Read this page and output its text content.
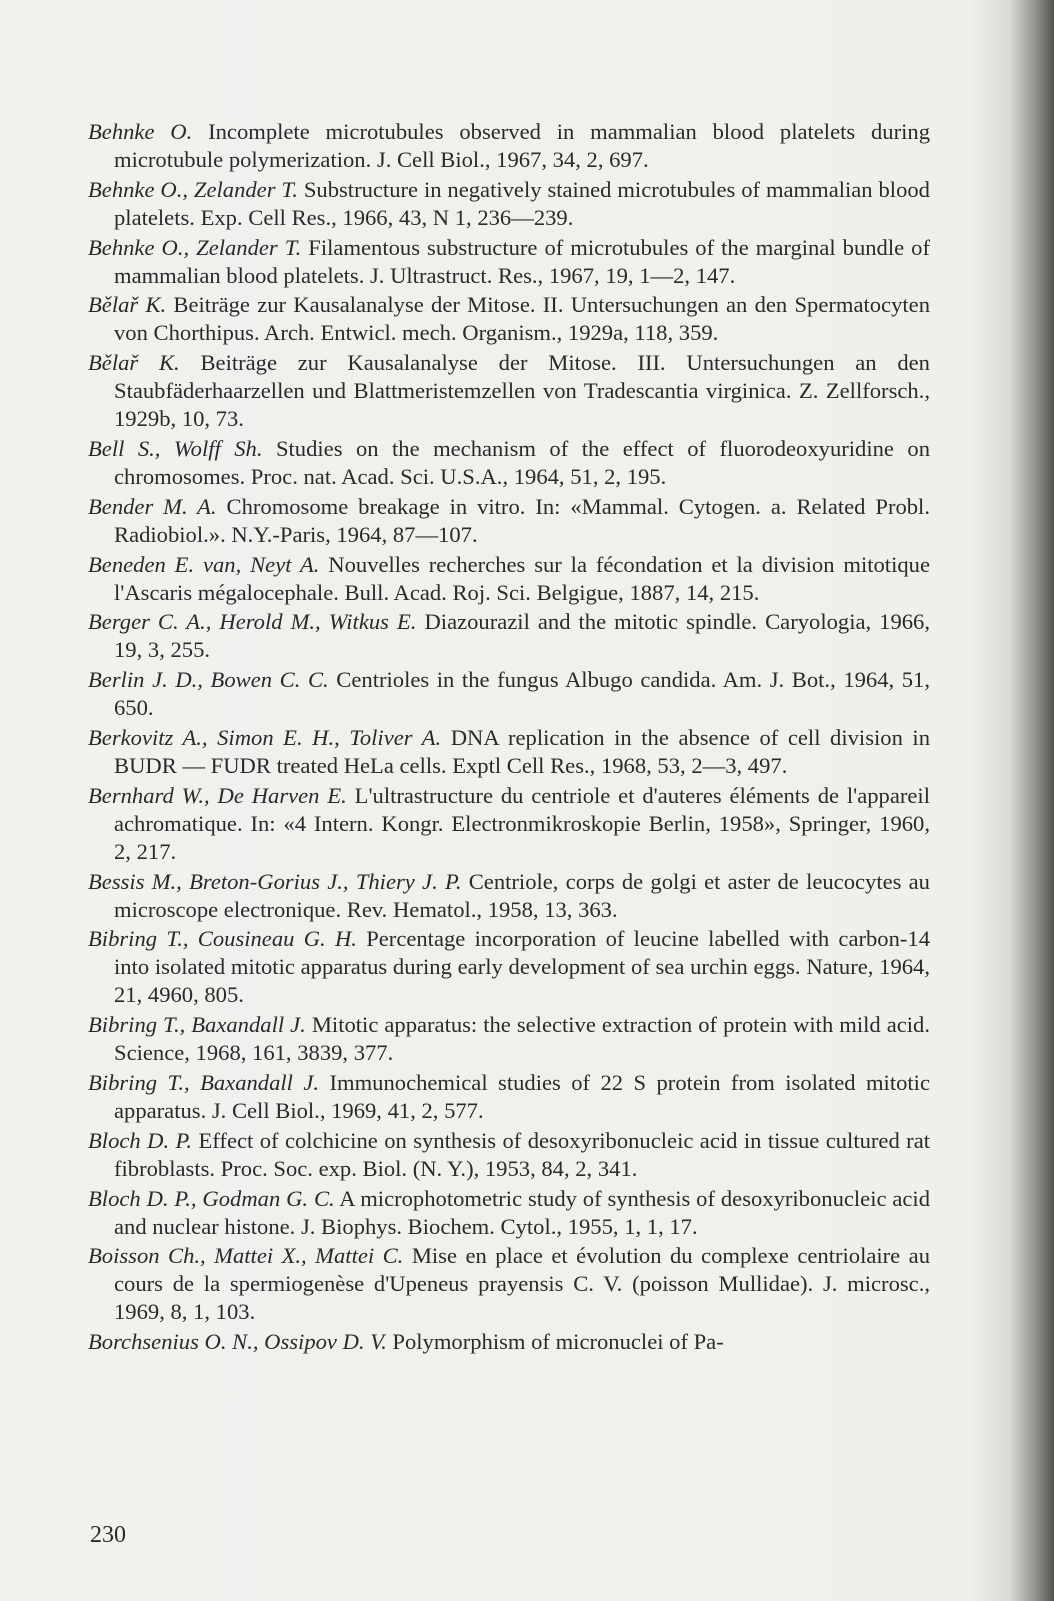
Behnke O. Incomplete microtubules observed in mammalian blood platelets during microtubule polymerization. J. Cell Biol., 1967, 34, 2, 697.
Behnke O., Zelander T. Substructure in negatively stained microtubules of mammalian blood platelets. Exp. Cell Res., 1966, 43, N 1, 236—239.
Behnke O., Zelander T. Filamentous substructure of microtubules of the marginal bundle of mammalian blood platelets. J. Ultrastruct. Res., 1967, 19, 1—2, 147.
Bělař K. Beiträge zur Kausalanalyse der Mitose. II. Untersuchungen an den Spermatocyten von Chorthipus. Arch. Entwicl. mech. Organism., 1929a, 118, 359.
Bělař K. Beiträge zur Kausalanalyse der Mitose. III. Untersuchungen an den Staubfäderhaarzellen und Blattmeristemzellen von Tradescantia virginica. Z. Zellforsch., 1929b, 10, 73.
Bell S., Wolff Sh. Studies on the mechanism of the effect of fluorodeoxyuridine on chromosomes. Proc. nat. Acad. Sci. U.S.A., 1964, 51, 2, 195.
Bender M. A. Chromosome breakage in vitro. In: «Mammal. Cytogen. a. Related Probl. Radiobiol.». N.Y.-Paris, 1964, 87—107.
Beneden E. van, Neyt A. Nouvelles recherches sur la fécondation et la division mitotique l'Ascaris mégalocephale. Bull. Acad. Roj. Sci. Belgigue, 1887, 14, 215.
Berger C. A., Herold M., Witkus E. Diazourazil and the mitotic spindle. Caryologia, 1966, 19, 3, 255.
Berlin J. D., Bowen C. C. Centrioles in the fungus Albugo candida. Am. J. Bot., 1964, 51, 650.
Berkovitz A., Simon E. H., Toliver A. DNA replication in the absence of cell division in BUDR — FUDR treated HeLa cells. Exptl Cell Res., 1968, 53, 2—3, 497.
Bernhard W., De Harven E. L'ultrastructure du centriole et d'auteres éléments de l'appareil achromatique. In: «4 Intern. Kongr. Electronmikroskopie Berlin, 1958», Springer, 1960, 2, 217.
Bessis M., Breton-Gorius J., Thiery J. P. Centriole, corps de golgi et aster de leucocytes au microscope electronique. Rev. Hematol., 1958, 13, 363.
Bibring T., Cousineau G. H. Percentage incorporation of leucine labelled with carbon-14 into isolated mitotic apparatus during early development of sea urchin eggs. Nature, 1964, 21, 4960, 805.
Bibring T., Baxandall J. Mitotic apparatus: the selective extraction of protein with mild acid. Science, 1968, 161, 3839, 377.
Bibring T., Baxandall J. Immunochemical studies of 22 S protein from isolated mitotic apparatus. J. Cell Biol., 1969, 41, 2, 577.
Bloch D. P. Effect of colchicine on synthesis of desoxyribonucleic acid in tissue cultured rat fibroblasts. Proc. Soc. exp. Biol. (N. Y.), 1953, 84, 2, 341.
Bloch D. P., Godman G. C. A microphotometric study of synthesis of desoxyribonucleic acid and nuclear histone. J. Biophys. Biochem. Cytol., 1955, 1, 1, 17.
Boisson Ch., Mattei X., Mattei C. Mise en place et évolution du complexe centriolaire au cours de la spermiogenèse d'Upeneus prayensis C. V. (poisson Mullidae). J. microsc., 1969, 8, 1, 103.
Borchsenius O. N., Ossipov D. V. Polymorphism of micronuclei of Pa-
230
